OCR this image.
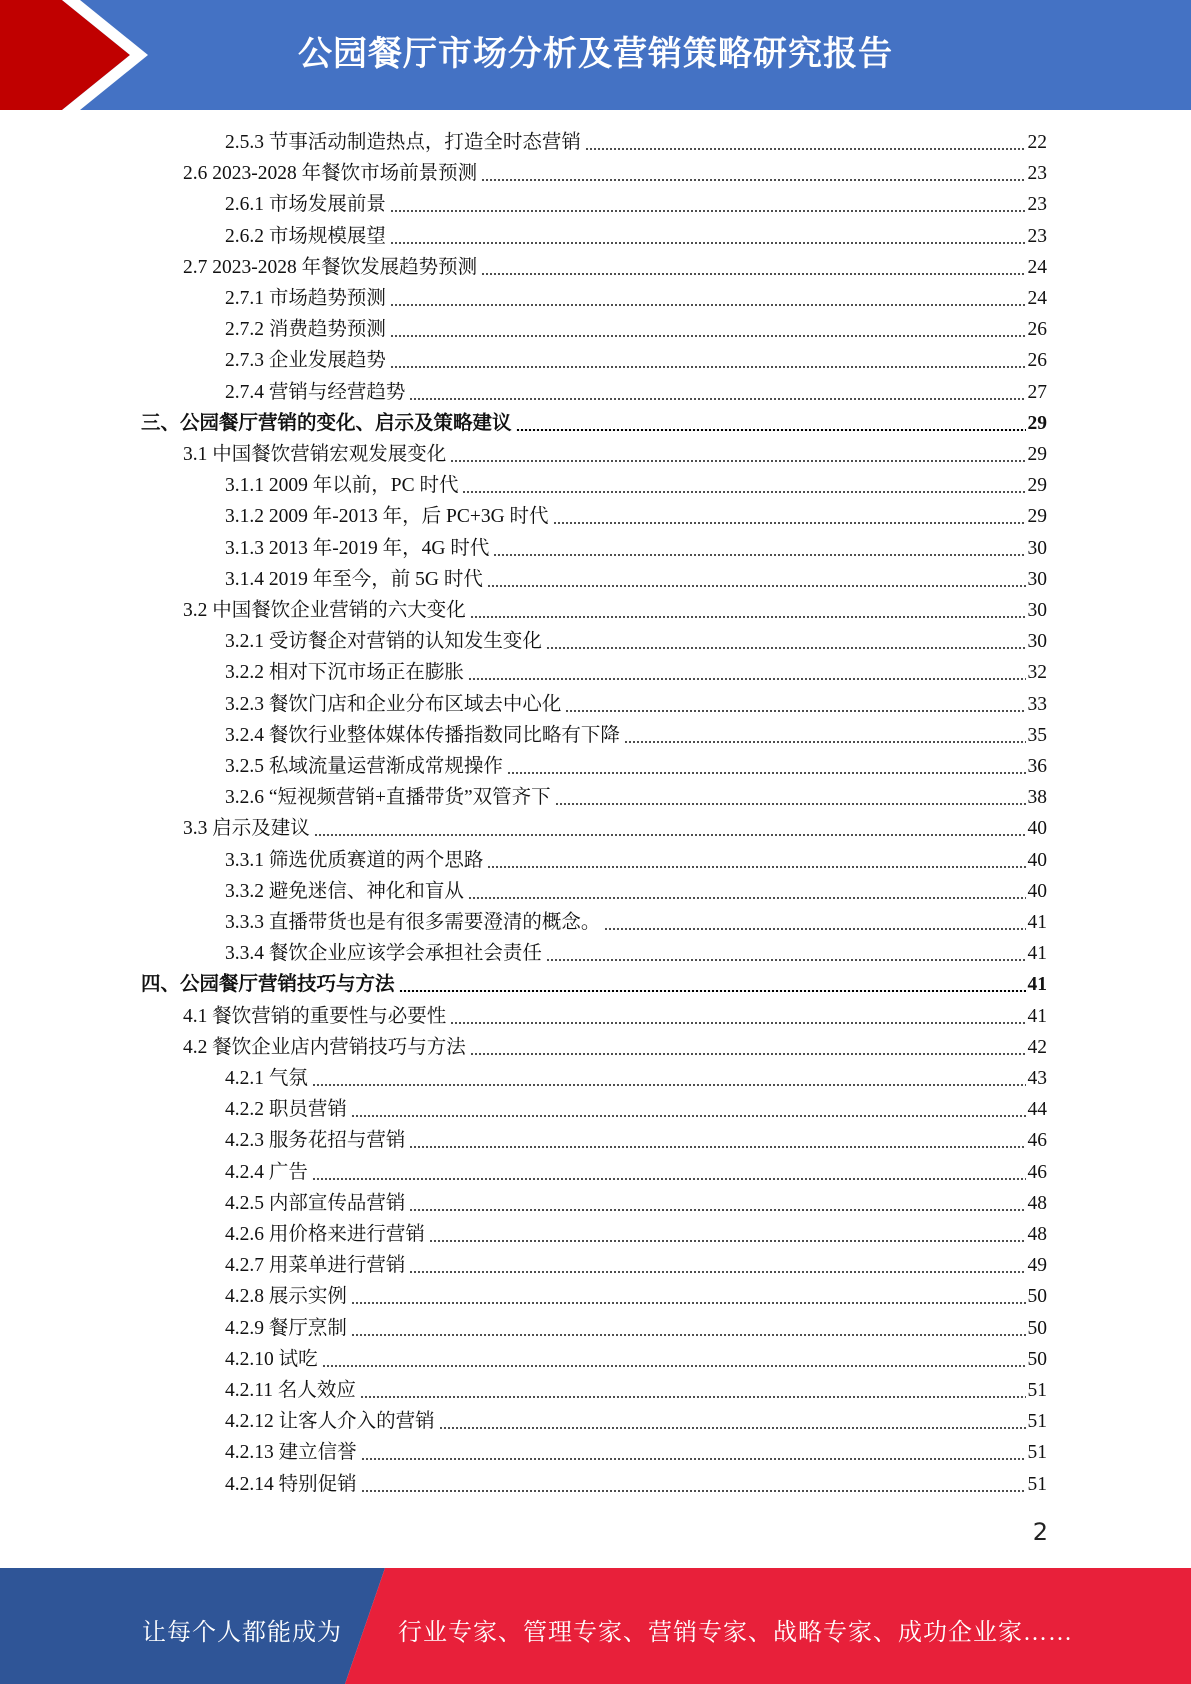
公园餐厅市场分析及营销策略研究报告
2.5.3 节事活动制造热点，打造全时态营销	22
2.6 2023-2028 年餐饮市场前景预测	23
2.6.1 市场发展前景	23
2.6.2 市场规模展望	23
2.7 2023-2028 年餐饮发展趋势预测	24
2.7.1 市场趋势预测	24
2.7.2 消费趋势预测	26
2.7.3 企业发展趋势	26
2.7.4 营销与经营趋势	27
三、公园餐厅营销的变化、启示及策略建议	29
3.1 中国餐饮营销宏观发展变化	29
3.1.1 2009 年以前，PC 时代	29
3.1.2 2009 年-2013 年，后 PC+3G 时代	29
3.1.3 2013 年-2019 年，4G 时代	30
3.1.4 2019 年至今，前 5G 时代	30
3.2 中国餐饮企业营销的六大变化	30
3.2.1 受访餐企对营销的认知发生变化	30
3.2.2 相对下沉市场正在膨胀	32
3.2.3 餐饮门店和企业分布区域去中心化	33
3.2.4 餐饮行业整体媒体传播指数同比略有下降	35
3.2.5 私域流量运营渐成常规操作	36
3.2.6 “短视频营销+直播带货”双管齐下	38
3.3 启示及建议	40
3.3.1 筛选优质赛道的两个思路	40
3.3.2 避免迷信、神化和盲从	40
3.3.3 直播带货也是有很多需要澄清的概念。	41
3.3.4 餐饮企业应该学会承担社会责任	41
四、公园餐厅营销技巧与方法	41
4.1 餐饮营销的重要性与必要性	41
4.2 餐饮企业店内营销技巧与方法	42
4.2.1 气氛	43
4.2.2 职员营销	44
4.2.3 服务花招与营销	46
4.2.4 广告	46
4.2.5 内部宣传品营销	48
4.2.6 用价格来进行营销	48
4.2.7 用菜单进行营销	49
4.2.8 展示实例	50
4.2.9 餐厅烹制	50
4.2.10 试吃	50
4.2.11 名人效应	51
4.2.12 让客人介入的营销	51
4.2.13 建立信誉	51
4.2.14 特别促销	51
2
让每个人都能成为 行业专家、管理专家、营销专家、战略专家、成功企业家……
